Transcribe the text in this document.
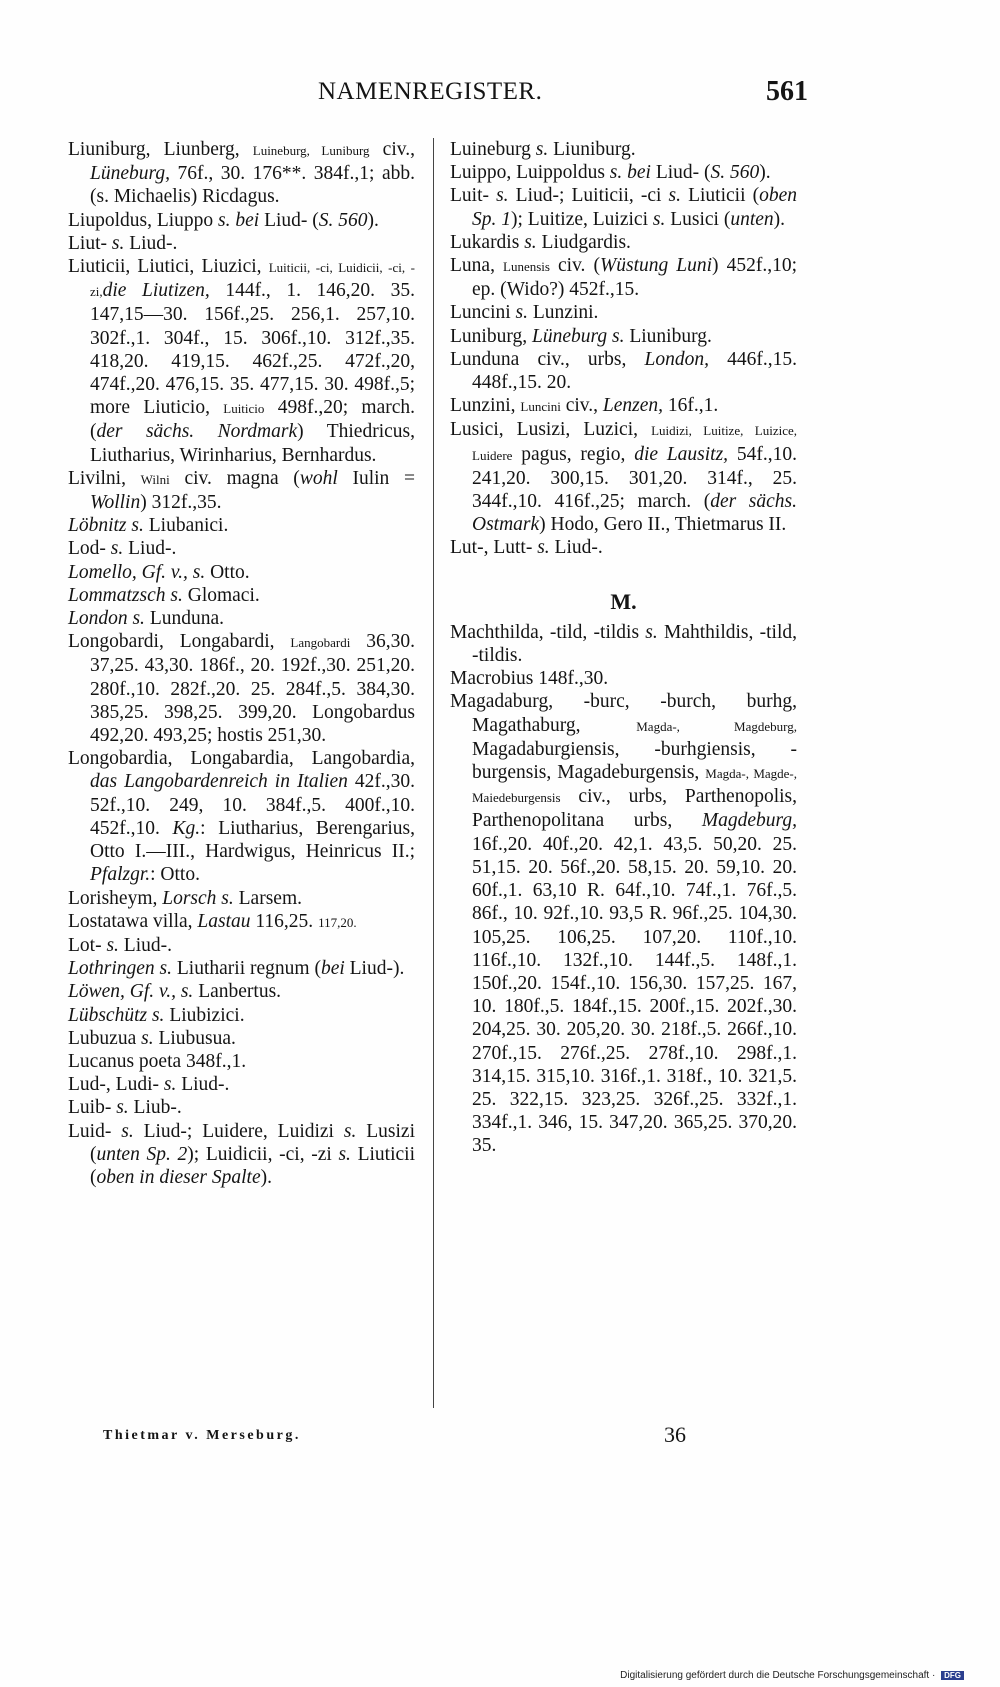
NAMENREGISTER.	561

Liuniburg, Liunberg, Luineburg, Luniburg civ., Lüneburg, 76f., 30. 176**. 384f.,1; abb. (s. Michaelis) Ricdagus.

Liupoldus, Liuppo s. bei Liud- (S. 560).

Liut- s. Liud-.

Liuticii, Liutici, Liuzici, Luiticii, -ci, Luidicii, -ci, -zi,die Liutizen, 144f., 1. 146,20. 35. 147,15—30. 156f.,25. 256,1. 257,10. 302f.,1. 304f., 15. 306f.,10. 312f.,35. 418,20. 419,15. 462f.,25. 472f.,20, 474f.,20. 476,15. 35. 477,15. 30. 498f.,5; more Liuticio, Luiticio 498f.,20; march. (der sächs. Nordmark) Thiedricus, Liutharius, Wirinharius, Bernhardus.

Livilni, Wilni civ. magna (wohl Iulin = Wollin) 312f.,35.

Löbnitz s. Liubanici.

Lod- s. Liud-.

Lomello, Gf. v., s. Otto.

Lommatzsch s. Glomaci.

London s. Lunduna.

Longobardi, Longabardi, Langobardi 36,30. 37,25. 43,30. 186f., 20. 192f.,30. 251,20. 280f.,10. 282f.,20. 25. 284f.,5. 384,30. 385,25. 398,25. 399,20. Longobardus 492,20. 493,25; hostis 251,30.

Longobardia, Longabardia, Langobardia, das Langobardenreich in Italien 42f.,30. 52f.,10. 249, 10. 384f.,5. 400f.,10. 452f.,10. Kg.: Liutharius, Berengarius, Otto I.—III., Hardwigus, Heinricus II.; Pfalzgr.: Otto.

Lorisheym, Lorsch s. Larsem.

Lostatawa villa, Lastau 116,25. 117,20.

Lot- s. Liud-.

Lothringen s. Liutharii regnum (bei Liud-).

Löwen, Gf. v., s. Lanbertus.

Lübschütz s. Liubizici.

Lubuzua s. Liubusua.

Lucanus poeta 348f.,1.

Lud-, Ludi- s. Liud-.

Luib- s. Liub-.

Luid- s. Liud-; Luidere, Luidizi s. Lusizi (unten Sp. 2); Luidicii, -ci, -zi s. Liuticii (oben in dieser Spalte).

Luineburg s. Liuniburg.

Luippo, Luippoldus s. bei Liud- (S. 560).

Luit- s. Liud-; Luiticii, -ci s. Liuticii (oben Sp. 1); Luitize, Luizici s. Lusici (unten).

Lukardis s. Liudgardis.

Luna, Lunensis civ. (Wüstung Luni) 452f.,10; ep. (Wido?) 452f.,15.

Luncini s. Lunzini.

Luniburg, Lüneburg s. Liuniburg.

Lunduna civ., urbs, London, 446f.,15. 448f.,15. 20.

Lunzini, Luncini civ., Lenzen, 16f.,1.

Lusici, Lusizi, Luzici, Luidizi, Luitize, Luizice, Luidere pagus, regio, die Lausitz, 54f.,10. 241,20. 300,15. 301,20. 314f., 25. 344f.,10. 416f.,25; march. (der sächs. Ostmark) Hodo, Gero II., Thietmarus II.

Lut-, Lutt- s. Liud-.

M.

Machthilda, -tild, -tildis s. Mahthildis, -tild, -tildis.

Macrobius 148f.,30.

Magadaburg, -burc, -burch, burhg, Magathaburg, Magda-, Magdeburg, Magadaburgiensis, -burhgiensis, -burgensis, Magadeburgensis, Magda-, Magde-, Maiedeburgensis civ., urbs, Parthenopolis, Parthenopolitana urbs, Magdeburg, 16f.,20. 40f.,20. 42,1. 43,5. 50,20. 25. 51,15. 20. 56f.,20. 58,15. 20. 59,10. 20. 60f.,1. 63,10 R. 64f.,10. 74f.,1. 76f.,5. 86f., 10. 92f.,10. 93,5 R. 96f.,25. 104,30. 105,25. 106,25. 107,20. 110f.,10. 116f.,10. 132f.,10. 144f.,5. 148f.,1. 150f.,20. 154f.,10. 156,30. 157,25. 167, 10. 180f.,5. 184f.,15. 200f.,15. 202f.,30. 204,25. 30. 205,20. 30. 218f.,5. 266f.,10. 270f.,15. 276f.,25. 278f.,10. 298f.,1. 314,15. 315,10. 316f.,1. 318f., 10. 321,5. 25. 322,15. 323,25. 326f.,25. 332f.,1. 334f.,1. 346, 15. 347,20. 365,25. 370,20. 35.

Thietmar v. Merseburg.	36
Digitalisierung gefördert durch die Deutsche Forschungsgemeinschaft · DFG
